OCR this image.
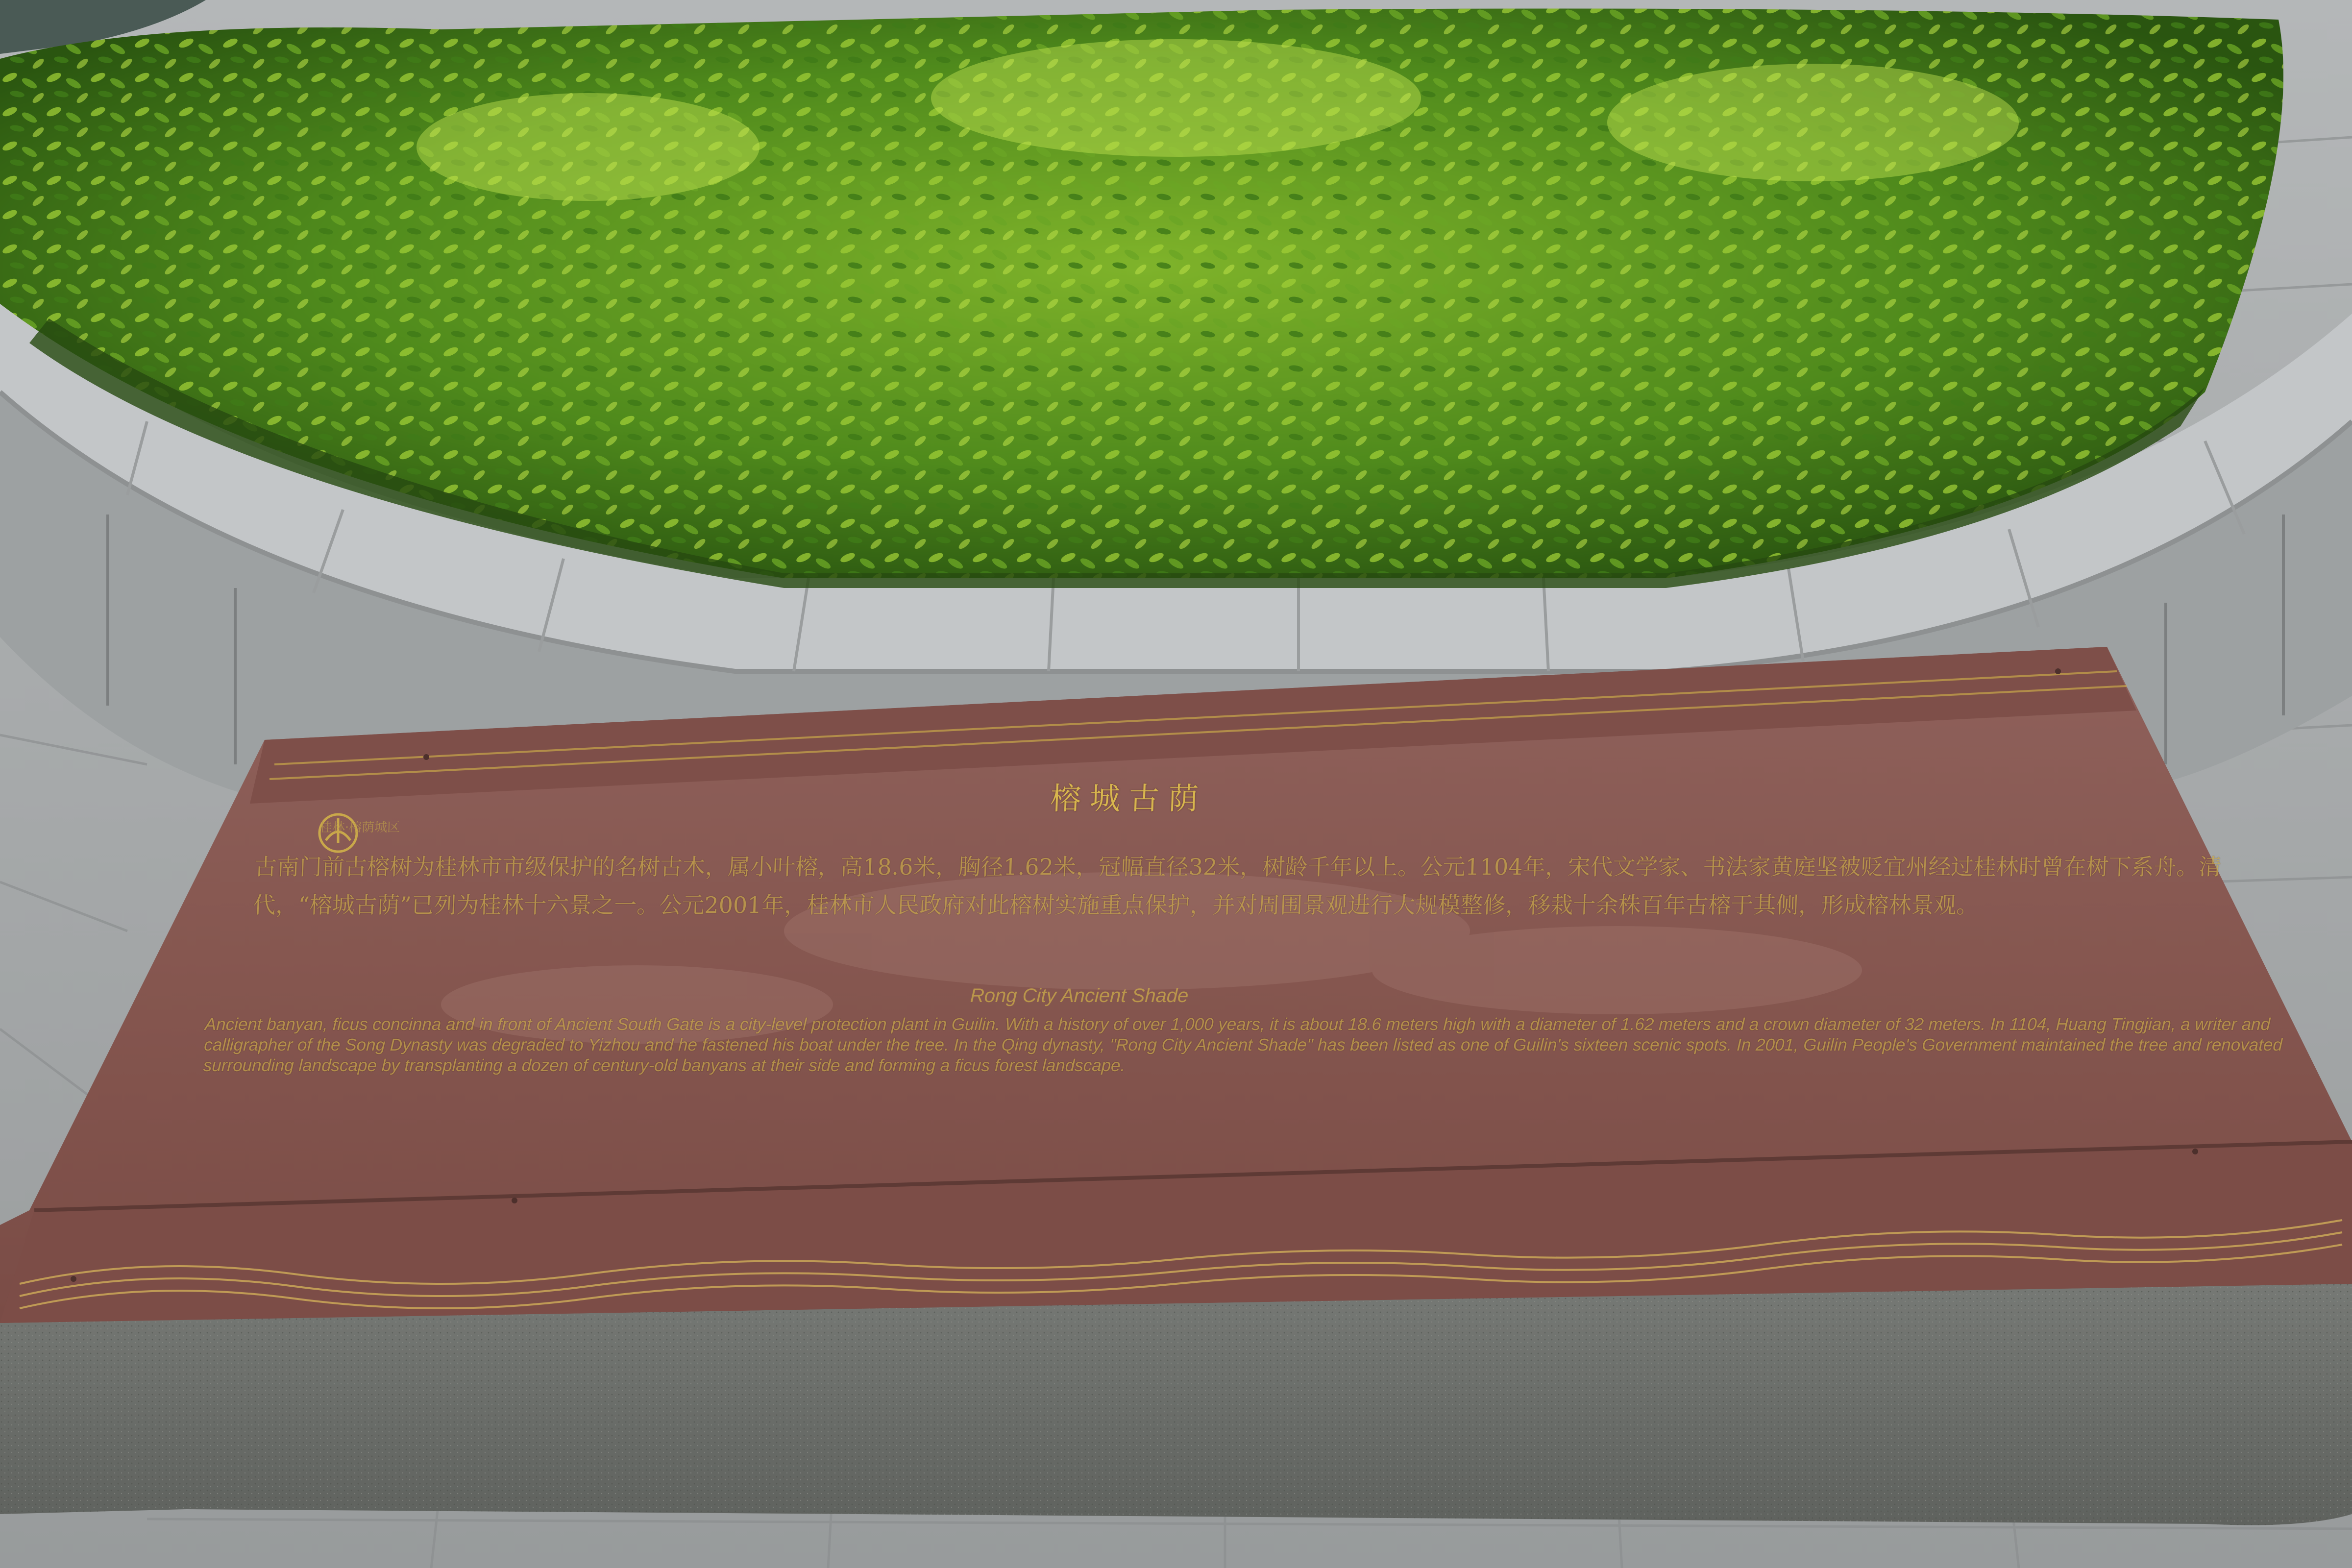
榕城古荫
桂林·榕荫城区
古南门前古榕树为桂林市市级保护的名树古木，属小叶榕，高18.6米，胸径1.62米，冠幅直径32米，树龄千年以上。公元1104年，宋代文学家、书法家黄庭坚被贬宜州经过桂林时曾在树下系舟。清代，“榕城古荫”已列为桂林十六景之一。公元2001年，桂林市人民政府对此榕树实施重点保护，并对周围景观进行大规模整修，移栽十余株百年古榕于其侧，形成榕林景观。
Rong City Ancient Shade
Ancient banyan, ficus concinna and in front of Ancient South Gate is a city-level protection plant in Guilin. With a history of over 1,000 years, it is about 18.6 meters high with a diameter of 1.62 meters and a crown diameter of 32 meters. In 1104, Huang Tingjian, a writer and calligrapher of the Song Dynasty was degraded to Yizhou and he fastened his boat under the tree. In the Qing dynasty, "Rong City Ancient Shade" has been listed as one of Guilin's sixteen scenic spots. In 2001, Guilin People's Government maintained the tree and renovated surrounding landscape by transplanting a dozen of century-old banyans at their side and forming a ficus forest landscape.
